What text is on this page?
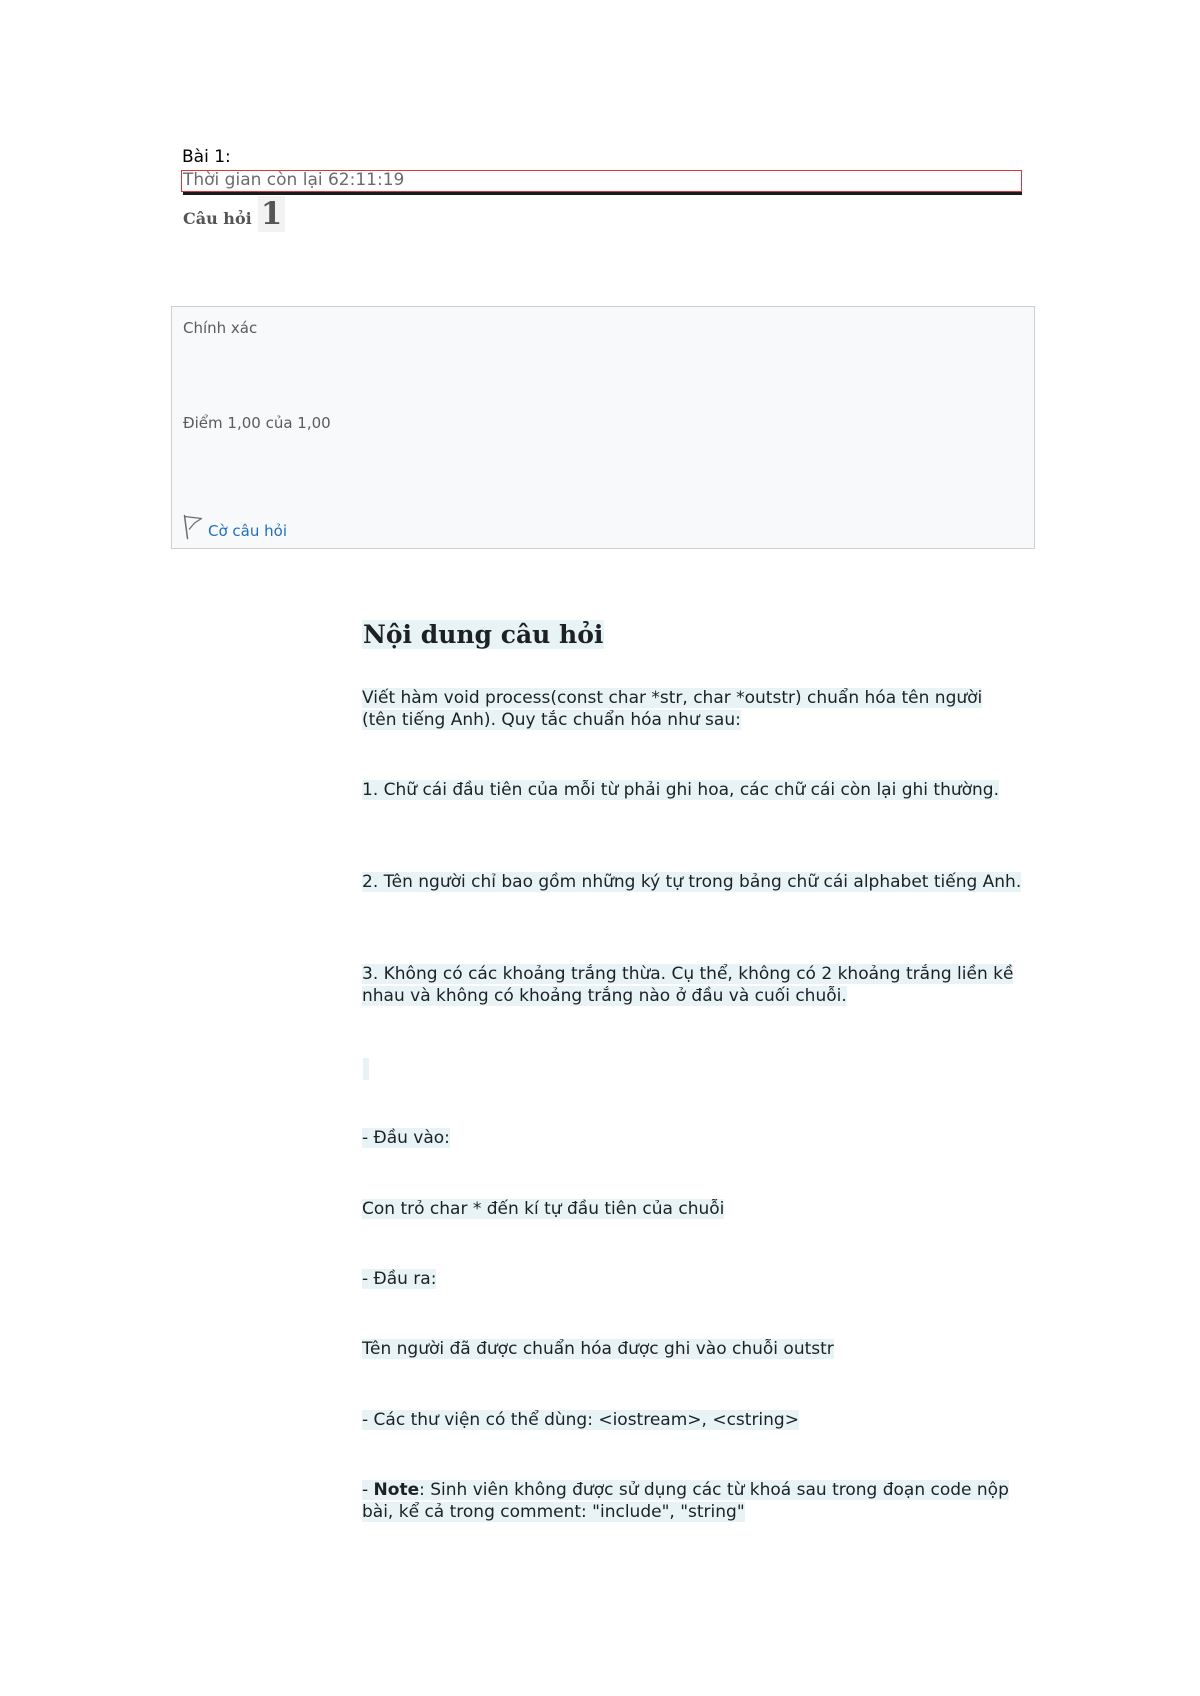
Bài 1:
Thời gian còn lại 62:11:19
Câu hỏi 1
Chính xác
Điểm 1,00 của 1,00
Cờ câu hỏi
Nội dung câu hỏi
Viết hàm void process(const char *str, char *outstr) chuẩn hóa tên người (tên tiếng Anh). Quy tắc chuẩn hóa như sau:
1. Chữ cái đầu tiên của mỗi từ phải ghi hoa, các chữ cái còn lại ghi thường.
2. Tên người chỉ bao gồm những ký tự trong bảng chữ cái alphabet tiếng Anh.
3. Không có các khoảng trắng thừa. Cụ thể, không có 2 khoảng trắng liền kề nhau và không có khoảng trắng nào ở đầu và cuối chuỗi.
- Đầu vào:
Con trỏ char * đến kí tự đầu tiên của chuỗi
- Đầu ra:
Tên người đã được chuẩn hóa được ghi vào chuỗi outstr
- Các thư viện có thể dùng: <iostream>, <cstring>
- Note: Sinh viên không được sử dụng các từ khoá sau trong đoạn code nộp bài, kể cả trong comment: "include", "string"
